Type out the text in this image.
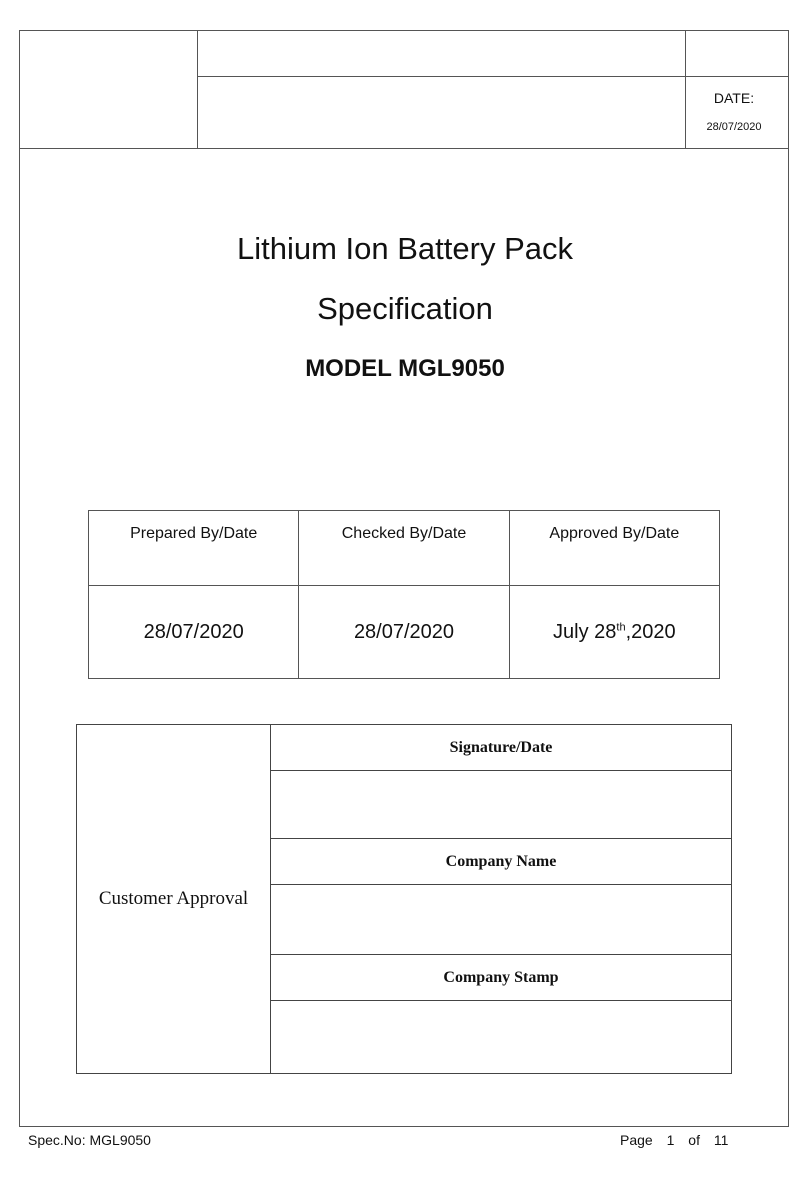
DATE:
28/07/2020
Lithium Ion Battery Pack
Specification
MODEL MGL9050
Prepared By/Date	Checked By/Date	Approved By/Date
28/07/2020	28/07/2020	July 28th,2020
Customer Approval	Signature/Date

Company Name

Company Stamp

Spec.No: MGL9050	Page 1 of 11
